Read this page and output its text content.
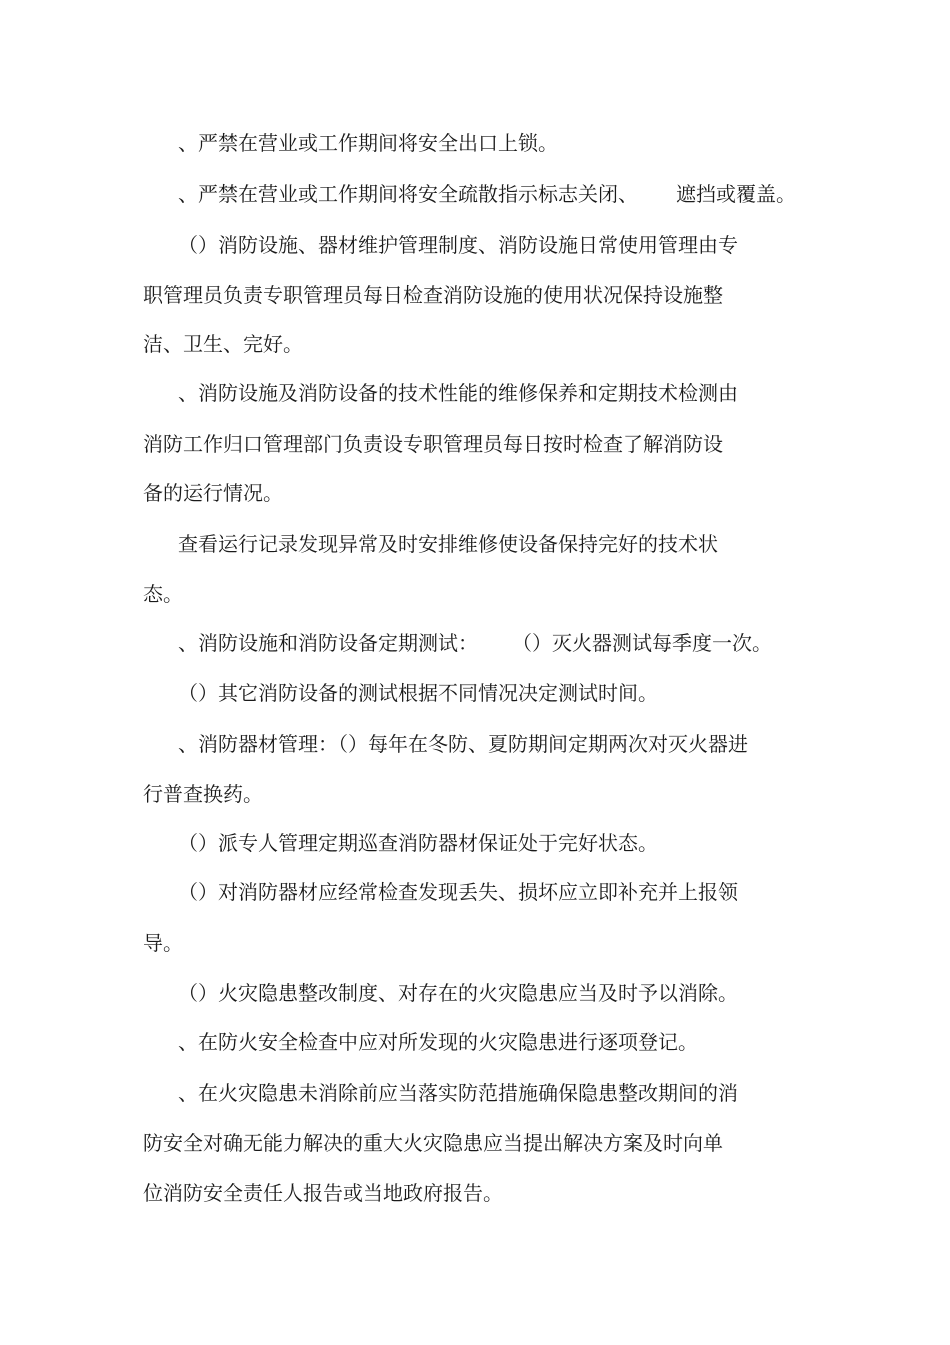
、严禁在营业或工作期间将安全出口上锁。

、严禁在营业或工作期间将安全疏散指示标志关闭、 遮挡或覆盖。

（）消防设施、器材维护管理制度、消防设施日常使用管理由专

职管理员负责专职管理员每日检查消防设施的使用状况保持设施整

洁、卫生、完好。

、消防设施及消防设备的技术性能的维修保养和定期技术检测由

消防工作归口管理部门负责设专职管理员每日按时检查了解消防设

备的运行情况。

查看运行记录发现异常及时安排维修使设备保持完好的技术状

态。

、消防设施和消防设备定期测试： （）灭火器测试每季度一次。

（）其它消防设备的测试根据不同情况决定测试时间。

、消防器材管理：（）每年在冬防、夏防期间定期两次对灭火器进

行普查换药。

（）派专人管理定期巡查消防器材保证处于完好状态。

（）对消防器材应经常检查发现丢失、损坏应立即补充并上报领

导。

（）火灾隐患整改制度、对存在的火灾隐患应当及时予以消除。

、在防火安全检查中应对所发现的火灾隐患进行逐项登记。

、在火灾隐患未消除前应当落实防范措施确保隐患整改期间的消

防安全对确无能力解决的重大火灾隐患应当提出解决方案及时向单

位消防安全责任人报告或当地政府报告。
